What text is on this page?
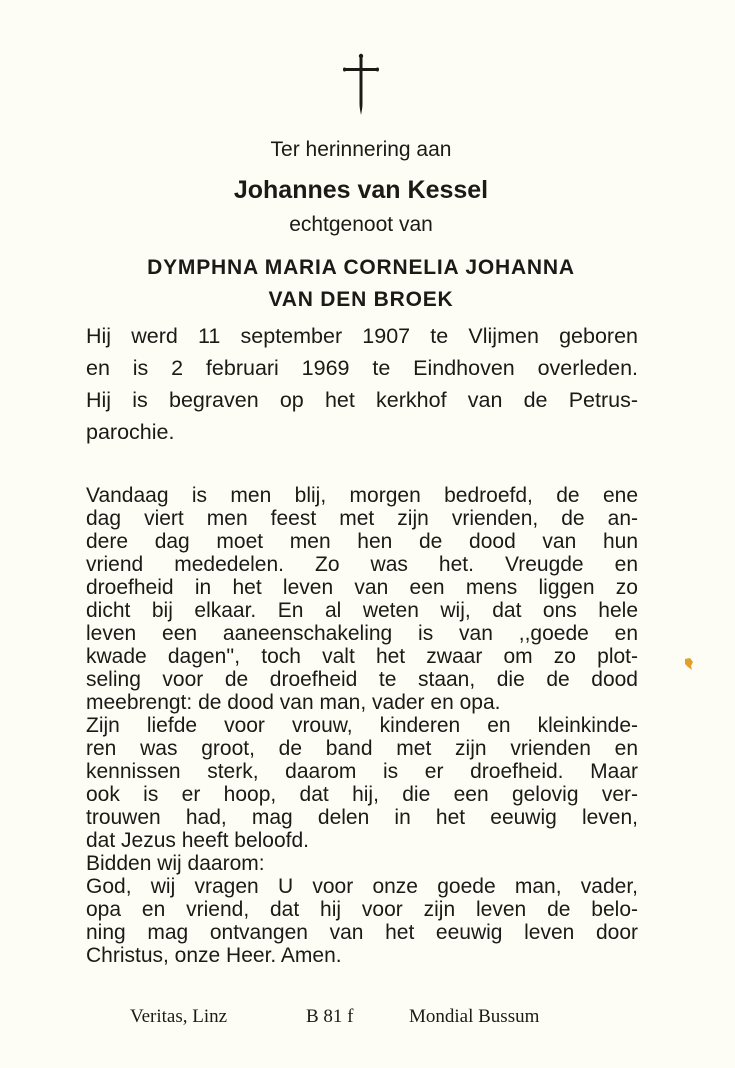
Ter herinnering aan
Johannes van Kessel
echtgenoot van
DYMPHNA MARIA CORNELIA JOHANNA
VAN DEN BROEK
Hij werd 11 september 1907 te Vlijmen geboren
en is 2 februari 1969 te Eindhoven overleden.
Hij is begraven op het kerkhof van de Petrus-
parochie.
Vandaag is men blij, morgen bedroefd, de ene
dag viert men feest met zijn vrienden, de an-
dere dag moet men hen de dood van hun
vriend mededelen. Zo was het. Vreugde en
droefheid in het leven van een mens liggen zo
dicht bij elkaar. En al weten wij, dat ons hele
leven een aaneenschakeling is van ,,goede en
kwade dagen'', toch valt het zwaar om zo plot-
seling voor de droefheid te staan, die de dood
meebrengt: de dood van man, vader en opa.
Zijn liefde voor vrouw, kinderen en kleinkinde-
ren was groot, de band met zijn vrienden en
kennissen sterk, daarom is er droefheid. Maar
ook is er hoop, dat hij, die een gelovig ver-
trouwen had, mag delen in het eeuwig leven,
dat Jezus heeft beloofd.
Bidden wij daarom:
God, wij vragen U voor onze goede man, vader,
opa en vriend, dat hij voor zijn leven de belo-
ning mag ontvangen van het eeuwig leven door
Christus, onze Heer. Amen.
Veritas, Linz	B 81 f	Mondial Bussum
